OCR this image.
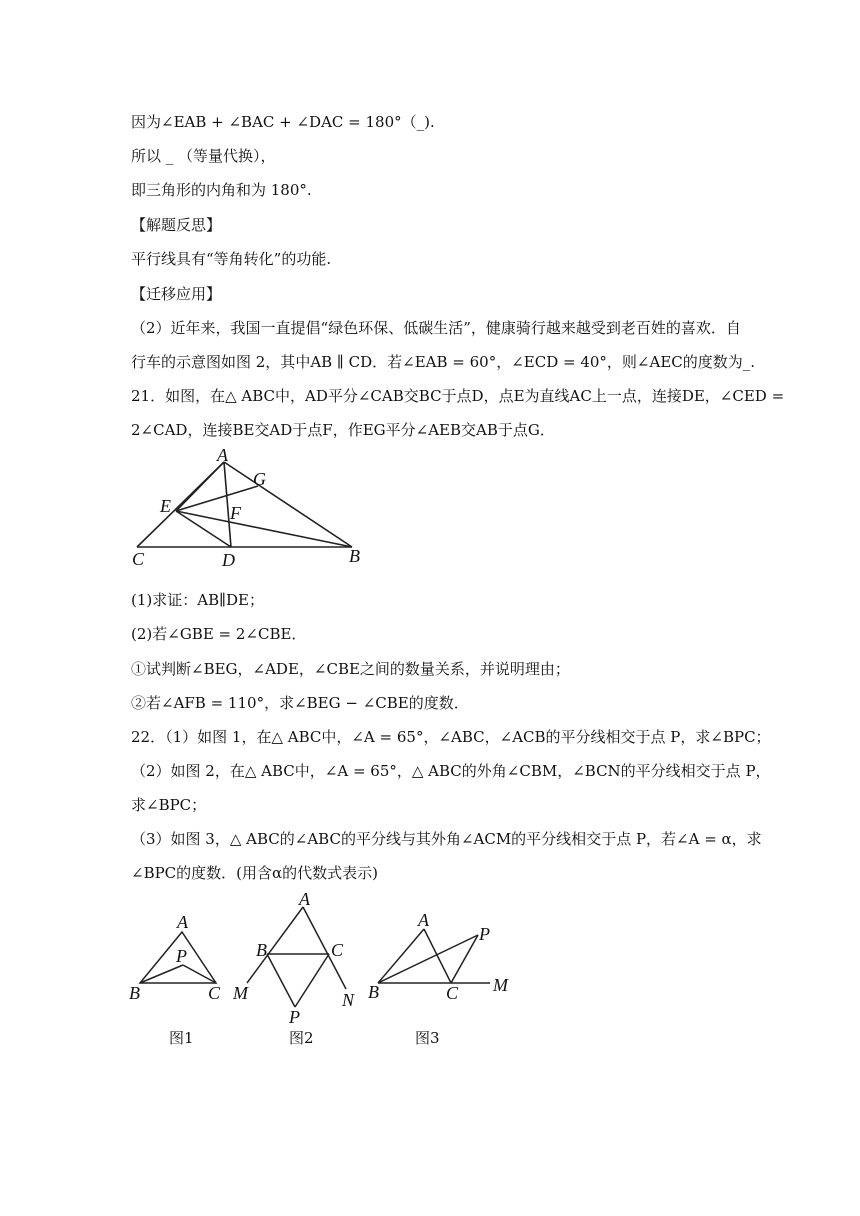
因为∠EAB + ∠BAC + ∠DAC = 180°（_).
所以 _ （等量代换），
即三角形的内角和为 180°.
【解题反思】
平行线具有“等角转化”的功能.
【迁移应用】
（2）近年来，我国一直提倡“绿色环保、低碳生活”，健康骑行越来越受到老百姓的喜欢．自
行车的示意图如图 2，其中AB ∥ CD．若∠EAB = 60°，∠ECD = 40°，则∠AEC的度数为_.
21．如图，在△ ABC中，AD平分∠CAB交BC于点D，点E为直线AC上一点，连接DE，∠CED =
2∠CAD，连接BE交AD于点F，作EG平分∠AEB交AB于点G．
A
G
E	F
C	D	B
(1)求证：AB∥DE；
(2)若∠GBE = 2∠CBE．
①试判断∠BEG，∠ADE，∠CBE之间的数量关系，并说明理由；
②若∠AFB = 110°，求∠BEG − ∠CBE的度数．
22．（1）如图 1，在△ ABC中，∠A = 65°，∠ABC，∠ACB的平分线相交于点 P，求∠BPC；
（2）如图 2，在△ ABC中，∠A = 65°，△ ABC的外角∠CBM，∠BCN的平分线相交于点 P，
求∠BPC；
（3）如图 3，△ ABC的∠ABC的平分线与其外角∠ACM的平分线相交于点 P，若∠A = α，求
∠BPC的度数．(用含α的代数式表示)
A
P
B	C
A
B	C
M	N
P
A
P
B	C M
图1	图2	图3
